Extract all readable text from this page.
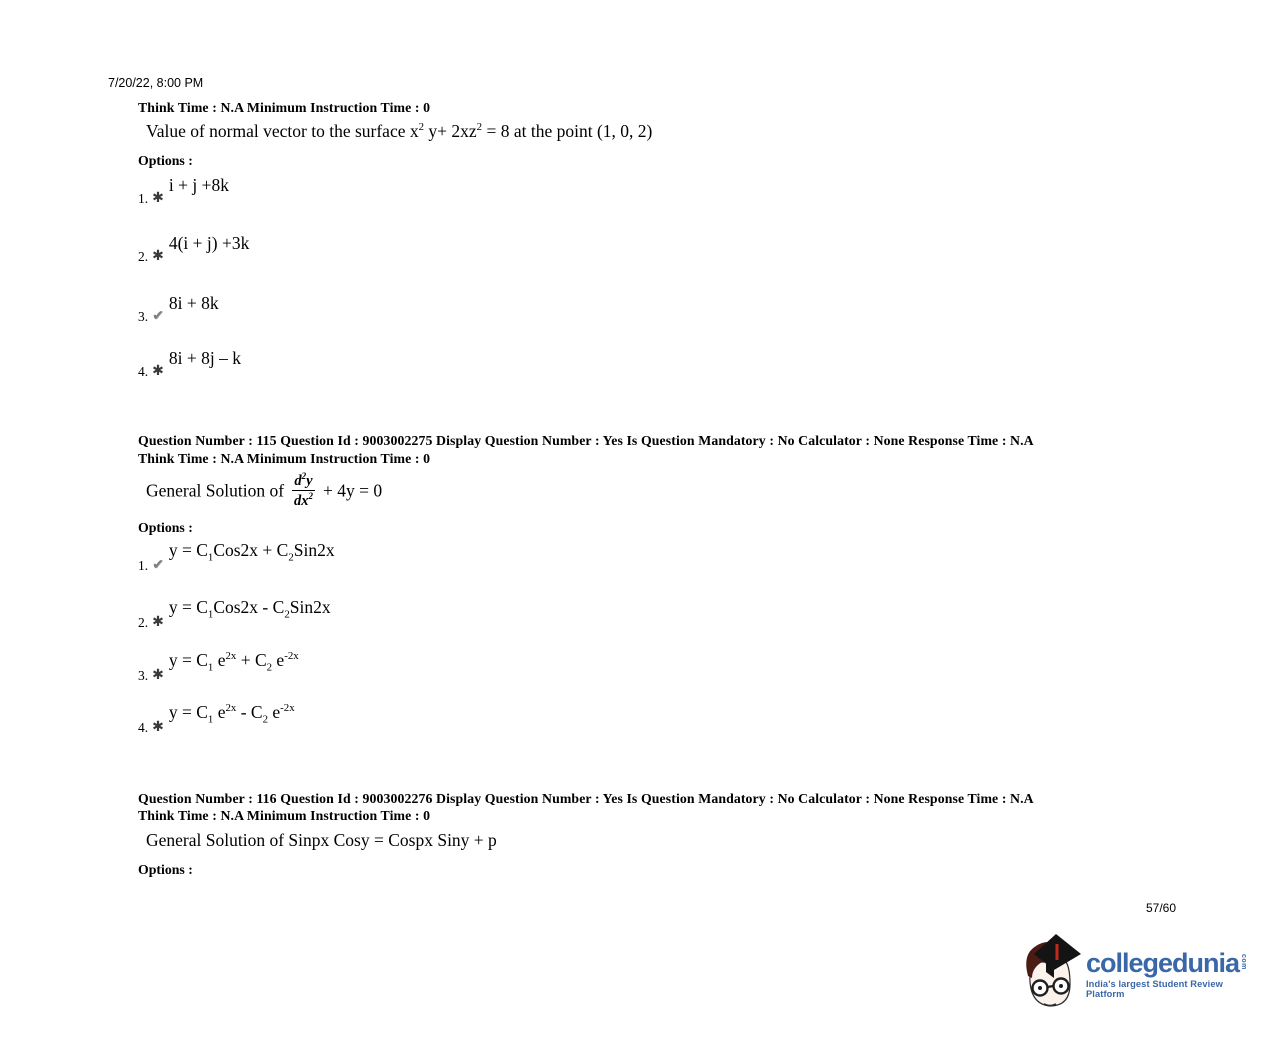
7/20/22, 8:00 PM
Think Time : N.A Minimum Instruction Time : 0
Value of normal vector to the surface $x^2$ $y+ 2xz^2 = 8$ at the point (1, 0, 2)
Options :
1. ✱
i + j +8k
2. ✱
4(i + j) +3k
3. ✔
8i + 8k
4. ✱
8i + 8j – k
Question Number : 115 Question Id : 9003002275 Display Question Number : Yes Is Question Mandatory : No Calculator : None Response Time : N.A
Think Time : N.A Minimum Instruction Time : 0
General Solution of $\frac{d^2y}{dx^2} + 4y = 0$
Options :
1. ✔
$y = C_1Cos2x + C_2Sin2x$
2. ✱
$y = C_1Cos2x - C_2Sin2x$
3. ✱
$y = C_1$ $e^{2x} + C_2$ $e^{-2x}$
4. ✱
$y = C_1$ $e^{2x} - C_2$ $e^{-2x}$
Question Number : 116 Question Id : 9003002276 Display Question Number : Yes Is Question Mandatory : No Calculator : None Response Time : N.A
Think Time : N.A Minimum Instruction Time : 0
General Solution of Sinpx Cosy = Cospx Siny + p
Options :
57/60
collegedunia com
India's largest Student Review Platform
